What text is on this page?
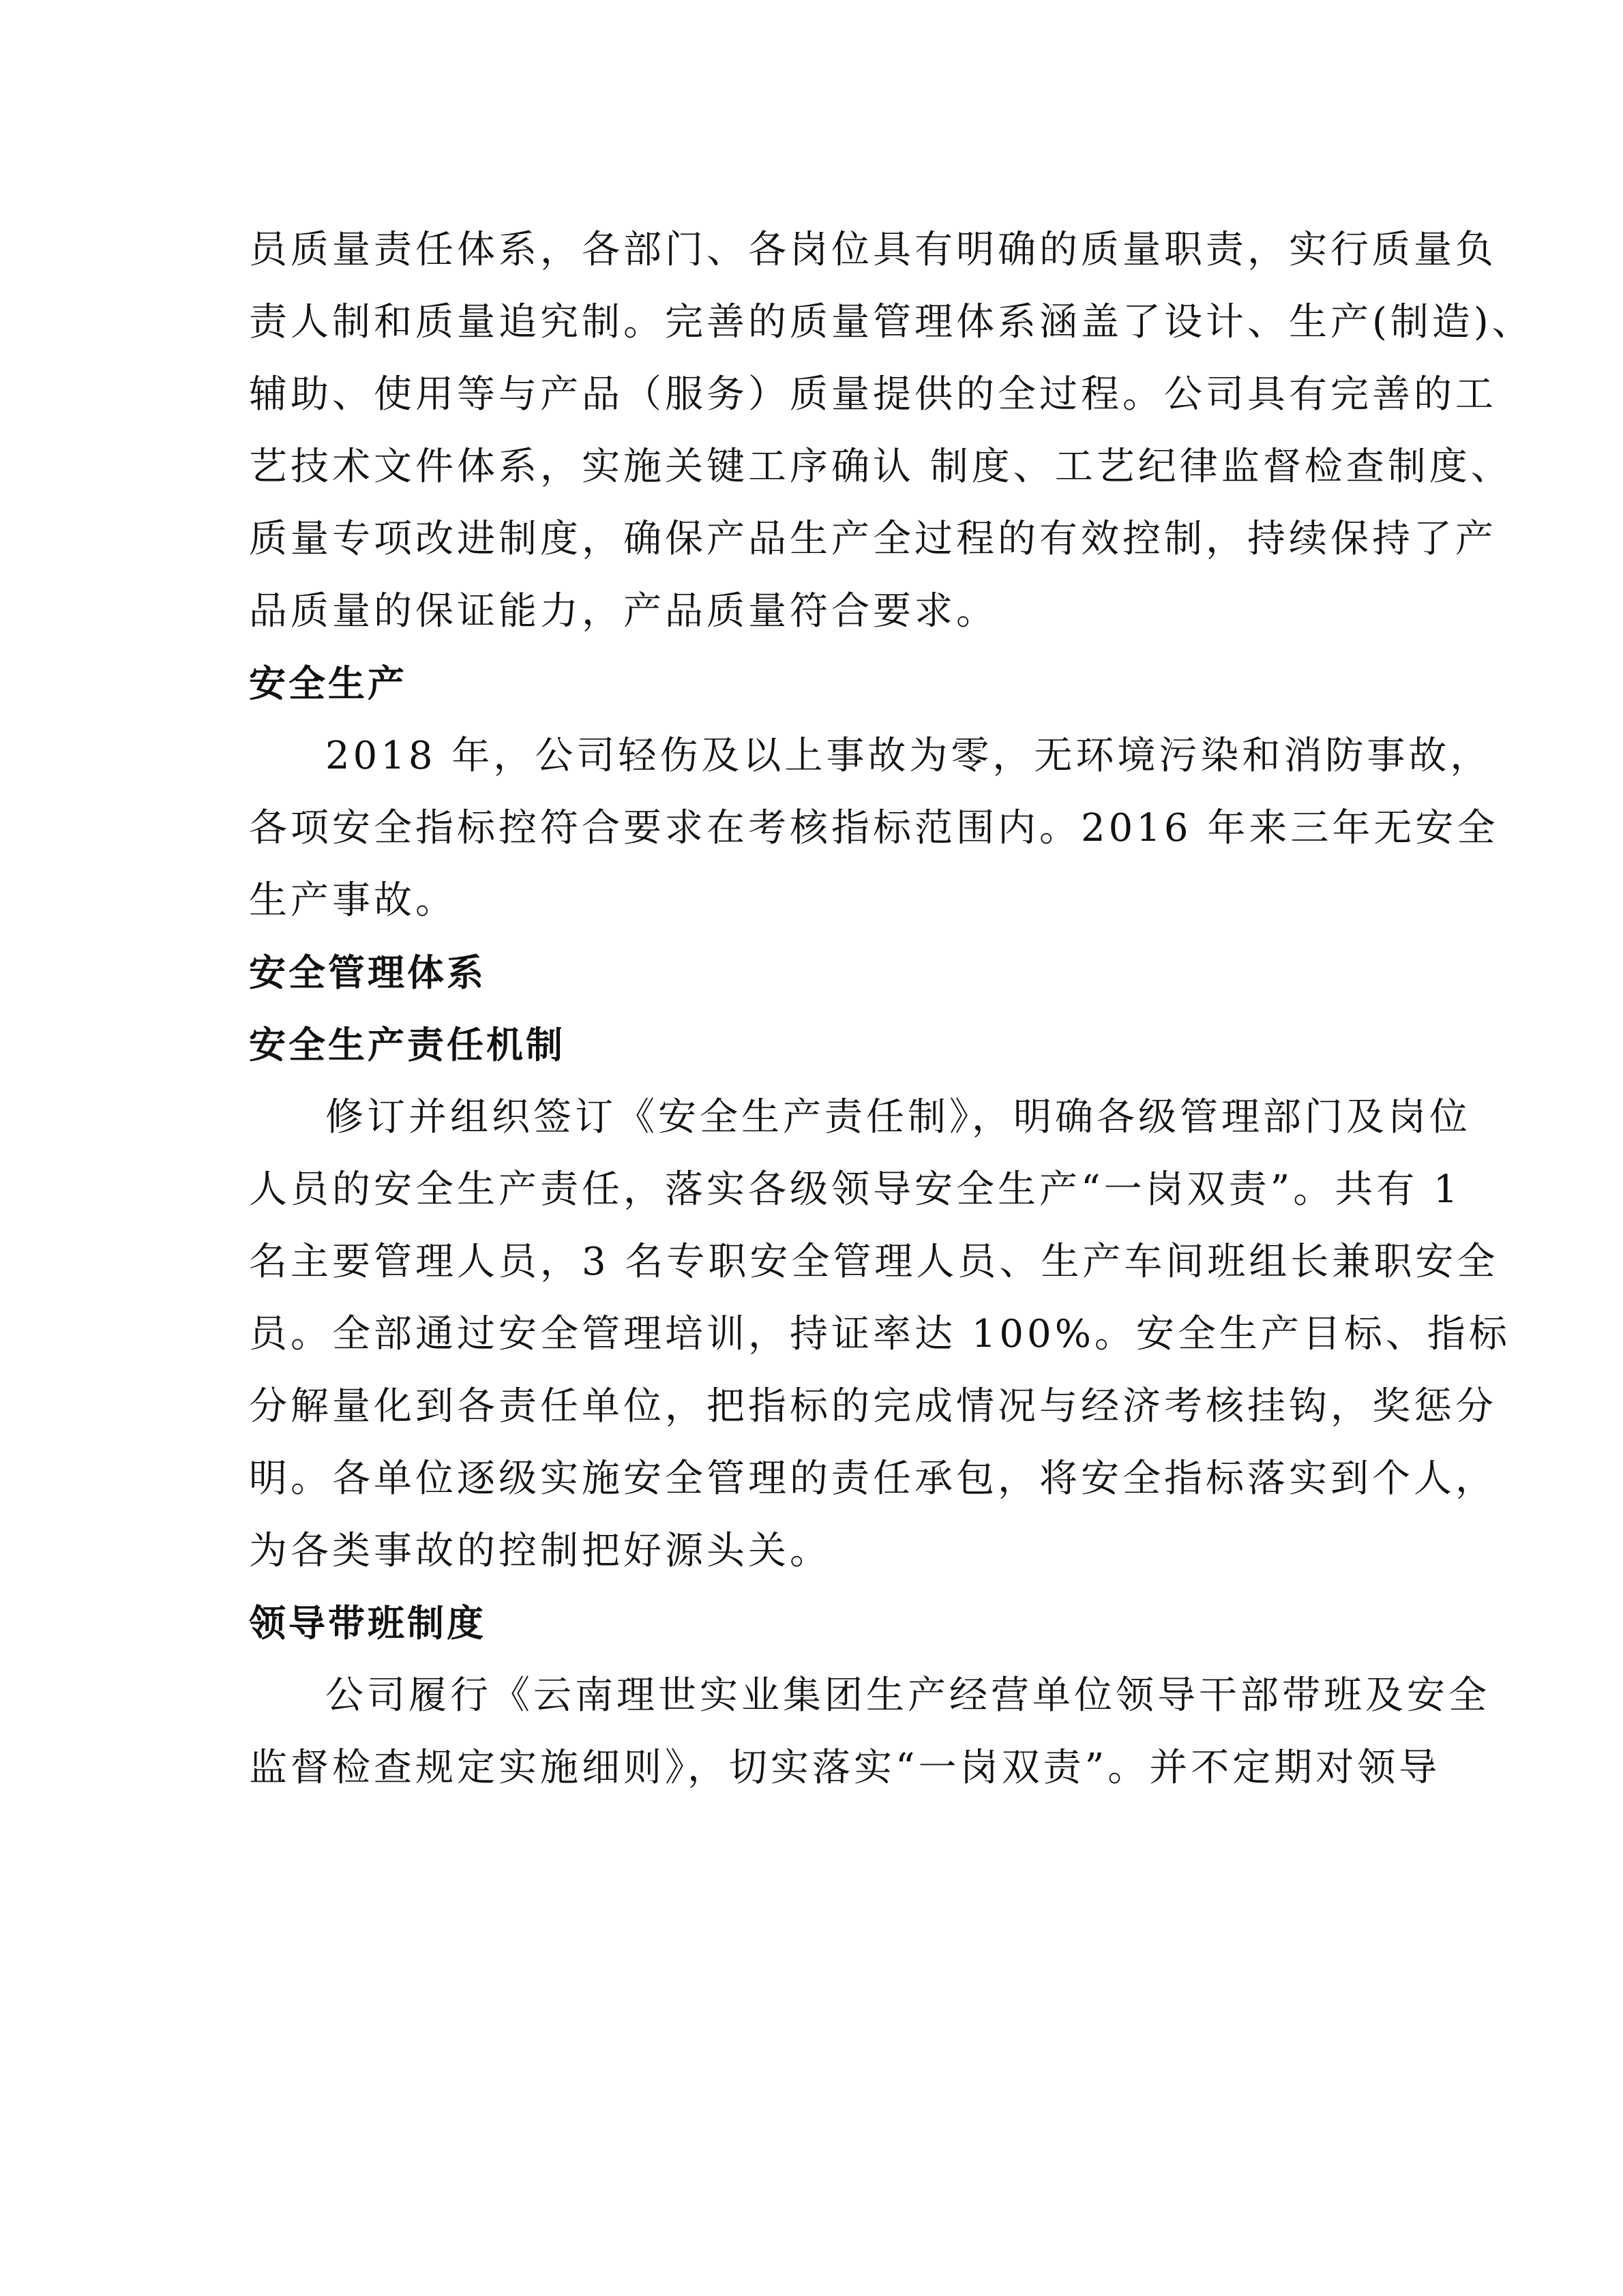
员质量责任体系，各部门、各岗位具有明确的质量职责，实行质量负
责人制和质量追究制。完善的质量管理体系涵盖了设计、生产(制造)、
辅助、使用等与产品（服务）质量提供的全过程。公司具有完善的工
艺技术文件体系，实施关键工序确认 制度、工艺纪律监督检查制度、
质量专项改进制度，确保产品生产全过程的有效控制，持续保持了产
品质量的保证能力，产品质量符合要求。
安全生产
2018 年，公司轻伤及以上事故为零，无环境污染和消防事故，
各项安全指标控符合要求在考核指标范围内。2016 年来三年无安全
生产事故。
安全管理体系
安全生产责任机制
修订并组织签订《安全生产责任制》，明确各级管理部门及岗位
人员的安全生产责任，落实各级领导安全生产“一岗双责”。共有 1
名主要管理人员，3 名专职安全管理人员、生产车间班组长兼职安全
员。全部通过安全管理培训，持证率达 100%。安全生产目标、指标
分解量化到各责任单位，把指标的完成情况与经济考核挂钩，奖惩分
明。各单位逐级实施安全管理的责任承包，将安全指标落实到个人，
为各类事故的控制把好源头关。
领导带班制度
公司履行《云南理世实业集团生产经营单位领导干部带班及安全
监督检查规定实施细则》，切实落实“一岗双责”。并不定期对领导
